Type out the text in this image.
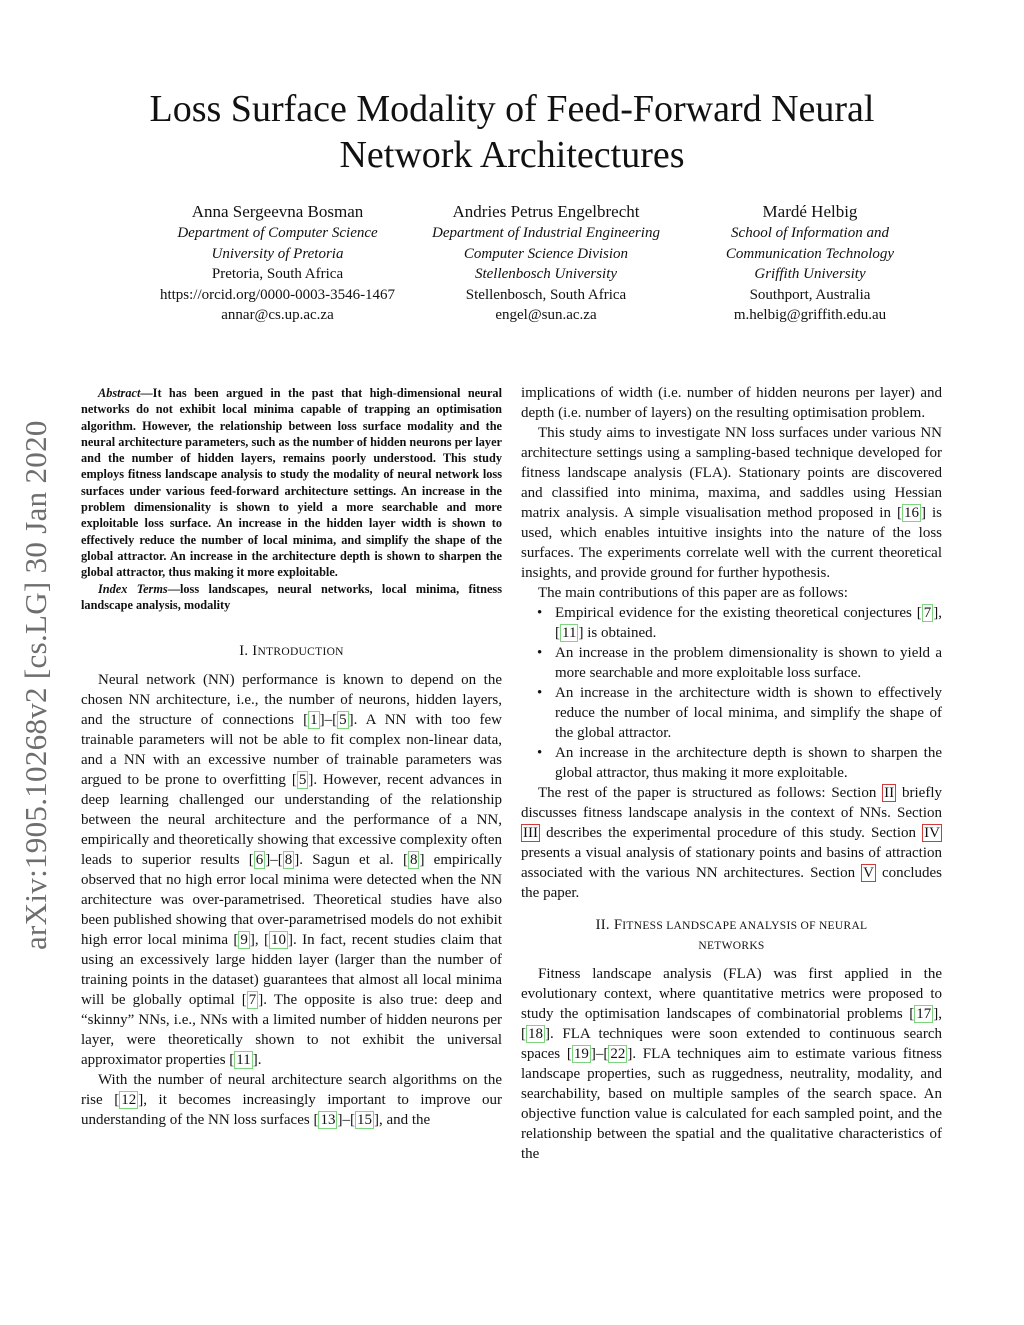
arXiv:1905.10268v2 [cs.LG] 30 Jan 2020
Loss Surface Modality of Feed-Forward Neural Network Architectures
Anna Sergeevna Bosman
Department of Computer Science
University of Pretoria
Pretoria, South Africa
https://orcid.org/0000-0003-3546-1467
annar@cs.up.ac.za
Andries Petrus Engelbrecht
Department of Industrial Engineering
Computer Science Division
Stellenbosch University
Stellenbosch, South Africa
engel@sun.ac.za
Mardé Helbig
School of Information and
Communication Technology
Griffith University
Southport, Australia
m.helbig@griffith.edu.au

Abstract—It has been argued in the past that high-dimensional neural networks do not exhibit local minima capable of trapping an optimisation algorithm. However, the relationship between loss surface modality and the neural architecture parameters, such as the number of hidden neurons per layer and the number of hidden layers, remains poorly understood. This study employs fitness landscape analysis to study the modality of neural network loss surfaces under various feed-forward architecture settings. An increase in the problem dimensionality is shown to yield a more searchable and more exploitable loss surface. An increase in the hidden layer width is shown to effectively reduce the number of local minima, and simplify the shape of the global attractor. An increase in the architecture depth is shown to sharpen the global attractor, thus making it more exploitable.

Index Terms—loss landscapes, neural networks, local minima, fitness landscape analysis, modality

I. INTRODUCTION

Neural network (NN) performance is known to depend on the chosen NN architecture, i.e., the number of neurons, hidden layers, and the structure of connections [ 1 ]–[ 5 ]. A NN with too few trainable parameters will not be able to fit complex non-linear data, and a NN with an excessive number of trainable parameters was argued to be prone to overfitting [ 5 ]. However, recent advances in deep learning challenged our understanding of the relationship between the neural architecture and the performance of a NN, empirically and theoretically showing that excessive complexity often leads to superior results [ 6 ]–[ 8 ]. Sagun et al. [ 8 ] empirically observed that no high error local minima were detected when the NN architecture was over-parametrised. Theoretical studies have also been published showing that over-parametrised models do not exhibit high error local minima [ 9 ], [ 10 ]. In fact, recent studies claim that using an excessively large hidden layer (larger than the number of training points in the dataset) guarantees that almost all local minima will be globally optimal [ 7 ]. The opposite is also true: deep and “skinny” NNs, i.e., NNs with a limited number of hidden neurons per layer, were theoretically shown to not exhibit the universal approximator properties [ 11 ].

With the number of neural architecture search algorithms on the rise [ 12 ], it becomes increasingly important to improve our understanding of the NN loss surfaces [ 13 ]–[ 15 ], and the

implications of width (i.e. number of hidden neurons per layer) and depth (i.e. number of layers) on the resulting optimisation problem.

This study aims to investigate NN loss surfaces under various NN architecture settings using a sampling-based technique developed for fitness landscape analysis (FLA). Stationary points are discovered and classified into minima, maxima, and saddles using Hessian matrix analysis. A simple visualisation method proposed in [ 16 ] is used, which enables intuitive insights into the nature of the loss surfaces. The experiments correlate well with the current theoretical insights, and provide ground for further hypothesis.

The main contributions of this paper are as follows:

• Empirical evidence for the existing theoretical conjectures [ 7 ], [ 11 ] is obtained.
• An increase in the problem dimensionality is shown to yield a more searchable and more exploitable loss surface.
• An increase in the architecture width is shown to effectively reduce the number of local minima, and simplify the shape of the global attractor.
• An increase in the architecture depth is shown to sharpen the global attractor, thus making it more exploitable.

The rest of the paper is structured as follows: Section II briefly discusses fitness landscape analysis in the context of NNs. Section III describes the experimental procedure of this study. Section IV presents a visual analysis of stationary points and basins of attraction associated with the various NN architectures. Section V concludes the paper.

II. FITNESS LANDSCAPE ANALYSIS OF NEURAL
NETWORKS

Fitness landscape analysis (FLA) was first applied in the evolutionary context, where quantitative metrics were proposed to study the optimisation landscapes of combinatorial problems [ 17 ], [ 18 ]. FLA techniques were soon extended to continuous search spaces [ 19 ]–[ 22 ]. FLA techniques aim to estimate various fitness landscape properties, such as ruggedness, neutrality, modality, and searchability, based on multiple samples of the search space. An objective function value is calculated for each sampled point, and the relationship between the spatial and the qualitative characteristics of the
